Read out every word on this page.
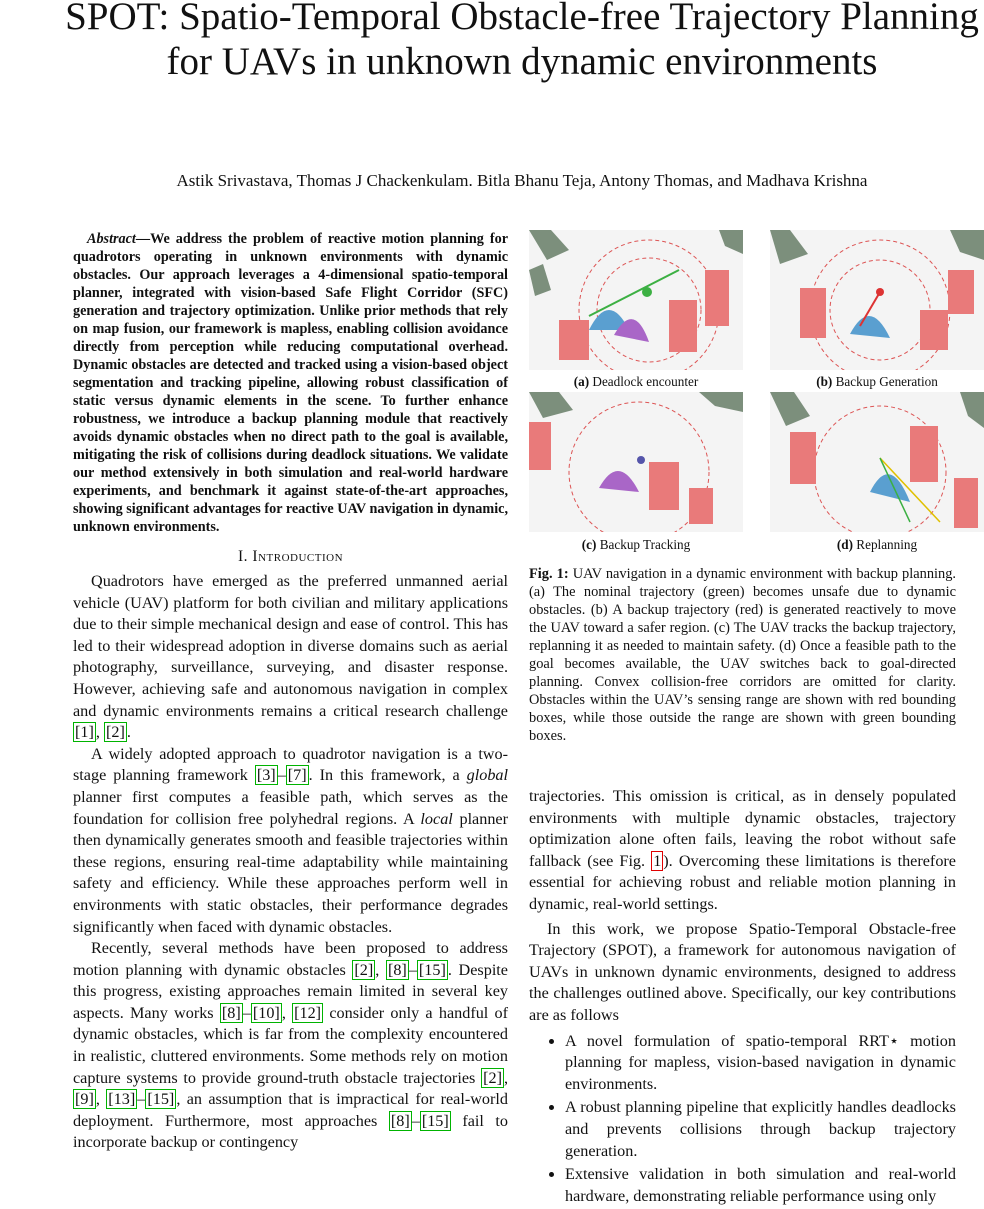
SPOT: Spatio-Temporal Obstacle-free Trajectory Planning for UAVs in unknown dynamic environments
Astik Srivastava, Thomas J Chackenkulam. Bitla Bhanu Teja, Antony Thomas, and Madhava Krishna

Abstract—We address the problem of reactive motion planning for quadrotors operating in unknown environments with dynamic obstacles. Our approach leverages a 4-dimensional spatio-temporal planner, integrated with vision-based Safe Flight Corridor (SFC) generation and trajectory optimization. Unlike prior methods that rely on map fusion, our framework is mapless, enabling collision avoidance directly from perception while reducing computational overhead. Dynamic obstacles are detected and tracked using a vision-based object segmentation and tracking pipeline, allowing robust classification of static versus dynamic elements in the scene. To further enhance robustness, we introduce a backup planning module that reactively avoids dynamic obstacles when no direct path to the goal is available, mitigating the risk of collisions during deadlock situations. We validate our method extensively in both simulation and real-world hardware experiments, and benchmark it against state-of-the-art approaches, showing significant advantages for reactive UAV navigation in dynamic, unknown environments.

I. Introduction

Quadrotors have emerged as the preferred unmanned aerial vehicle (UAV) platform for both civilian and military applications due to their simple mechanical design and ease of control. This has led to their widespread adoption in diverse domains such as aerial photography, surveillance, surveying, and disaster response. However, achieving safe and autonomous navigation in complex and dynamic environments remains a critical research challenge [1] , [2] .

A widely adopted approach to quadrotor navigation is a two-stage planning framework [3] – [7] . In this framework, a global planner first computes a feasible path, which serves as the foundation for collision free polyhedral regions. A local planner then dynamically generates smooth and feasible trajectories within these regions, ensuring real-time adaptability while maintaining safety and efficiency. While these approaches perform well in environments with static obstacles, their performance degrades significantly when faced with dynamic obstacles.

Recently, several methods have been proposed to address motion planning with dynamic obstacles [2] , [8] – [15] . Despite this progress, existing approaches remain limited in several key aspects. Many works [8] – [10] , [12] consider only a handful of dynamic obstacles, which is far from the complexity encountered in realistic, cluttered environments. Some methods rely on motion capture systems to provide ground-truth obstacle trajectories [2] , [9] , [13] – [15] , an assumption that is impractical for real-world deployment. Furthermore, most approaches [8] – [15] fail to incorporate backup or contingency

(a) Deadlock encounter	(b) Backup Generation
(c) Backup Tracking	(d) Replanning

Fig. 1: UAV navigation in a dynamic environment with backup planning. (a) The nominal trajectory (green) becomes unsafe due to dynamic obstacles. (b) A backup trajectory (red) is generated reactively to move the UAV toward a safer region. (c) The UAV tracks the backup trajectory, replanning it as needed to maintain safety. (d) Once a feasible path to the goal becomes available, the UAV switches back to goal-directed planning. Convex collision-free corridors are omitted for clarity. Obstacles within the UAV’s sensing range are shown with red bounding boxes, while those outside the range are shown with green bounding boxes.

trajectories. This omission is critical, as in densely populated environments with multiple dynamic obstacles, trajectory optimization alone often fails, leaving the robot without safe fallback (see Fig. 1 ). Overcoming these limitations is therefore essential for achieving robust and reliable motion planning in dynamic, real-world settings.

In this work, we propose Spatio-Temporal Obstacle-free Trajectory (SPOT), a framework for autonomous navigation of UAVs in unknown dynamic environments, designed to address the challenges outlined above. Specifically, our key contributions are as follows

• A novel formulation of spatio-temporal RRT⋆ motion planning for mapless, vision-based navigation in dynamic environments.
• A robust planning pipeline that explicitly handles deadlocks and prevents collisions through backup trajectory generation.
• Extensive validation in both simulation and real-world hardware, demonstrating reliable performance using only
